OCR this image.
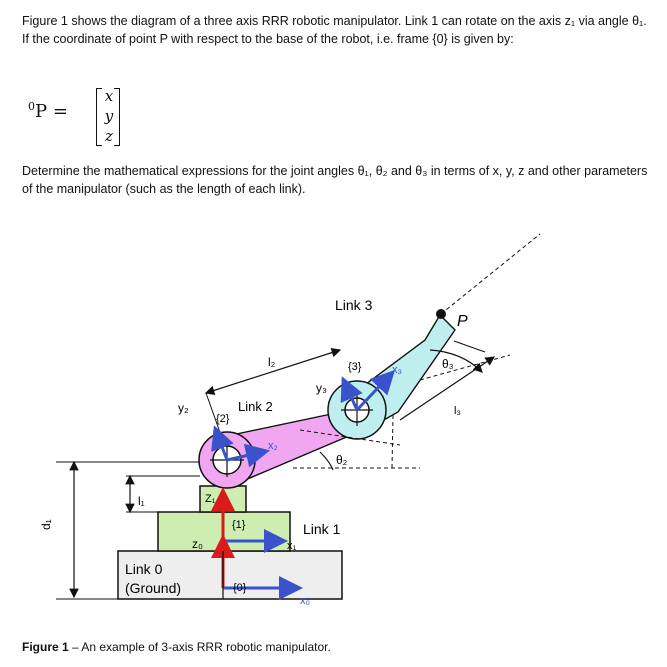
Figure 1 shows the diagram of a three axis RRR robotic manipulator. Link 1 can rotate on the axis z₁ via angle θ₁. If the coordinate of point P with respect to the base of the robot, i.e. frame {0} is given by:
$^0$P =
x
y
z
Determine the mathematical expressions for the joint angles θ₁, θ₂ and θ₃ in terms of x, y, z and other parameters of the manipulator (such as the length of each link).
Link 3
P
l₂	{3}	x₃	θ₃
y₃
Link 2
y₂
{2}
x₂
l₃
θ₂
l₁	Z₁
{1}	Link 1
z₀	x₁
d₁
Link 0
(Ground)	{0}
x₀
Figure 1 – An example of 3-axis RRR robotic manipulator.
